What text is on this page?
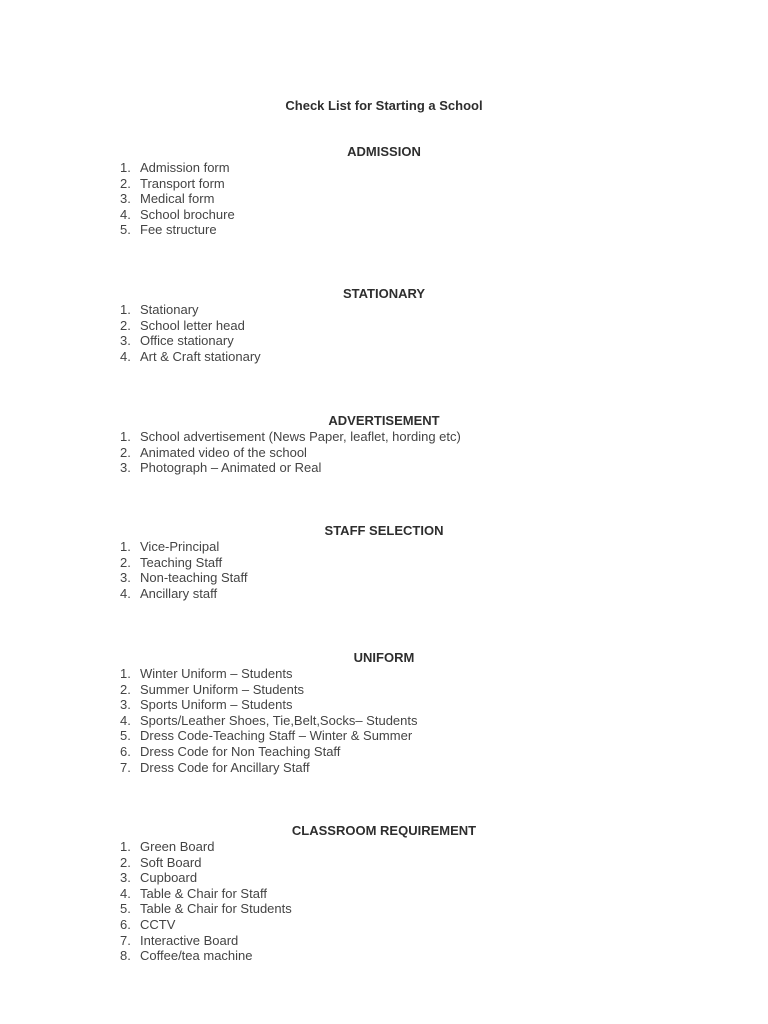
Check List for Starting a School
ADMISSION
1. Admission form
2. Transport form
3. Medical form
4. School brochure
5. Fee structure
STATIONARY
1. Stationary
2. School letter head
3. Office stationary
4. Art & Craft stationary
ADVERTISEMENT
1. School advertisement (News Paper, leaflet, hording etc)
2. Animated video of the school
3. Photograph – Animated or Real
STAFF SELECTION
1. Vice-Principal
2. Teaching Staff
3. Non-teaching Staff
4. Ancillary staff
UNIFORM
1. Winter Uniform – Students
2. Summer Uniform – Students
3. Sports Uniform – Students
4. Sports/Leather Shoes, Tie,Belt,Socks– Students
5. Dress Code-Teaching Staff – Winter & Summer
6. Dress Code for Non Teaching Staff
7. Dress Code for Ancillary Staff
CLASSROOM REQUIREMENT
1. Green Board
2. Soft Board
3. Cupboard
4. Table & Chair for Staff
5. Table & Chair for Students
6. CCTV
7. Interactive Board
8. Coffee/tea machine
